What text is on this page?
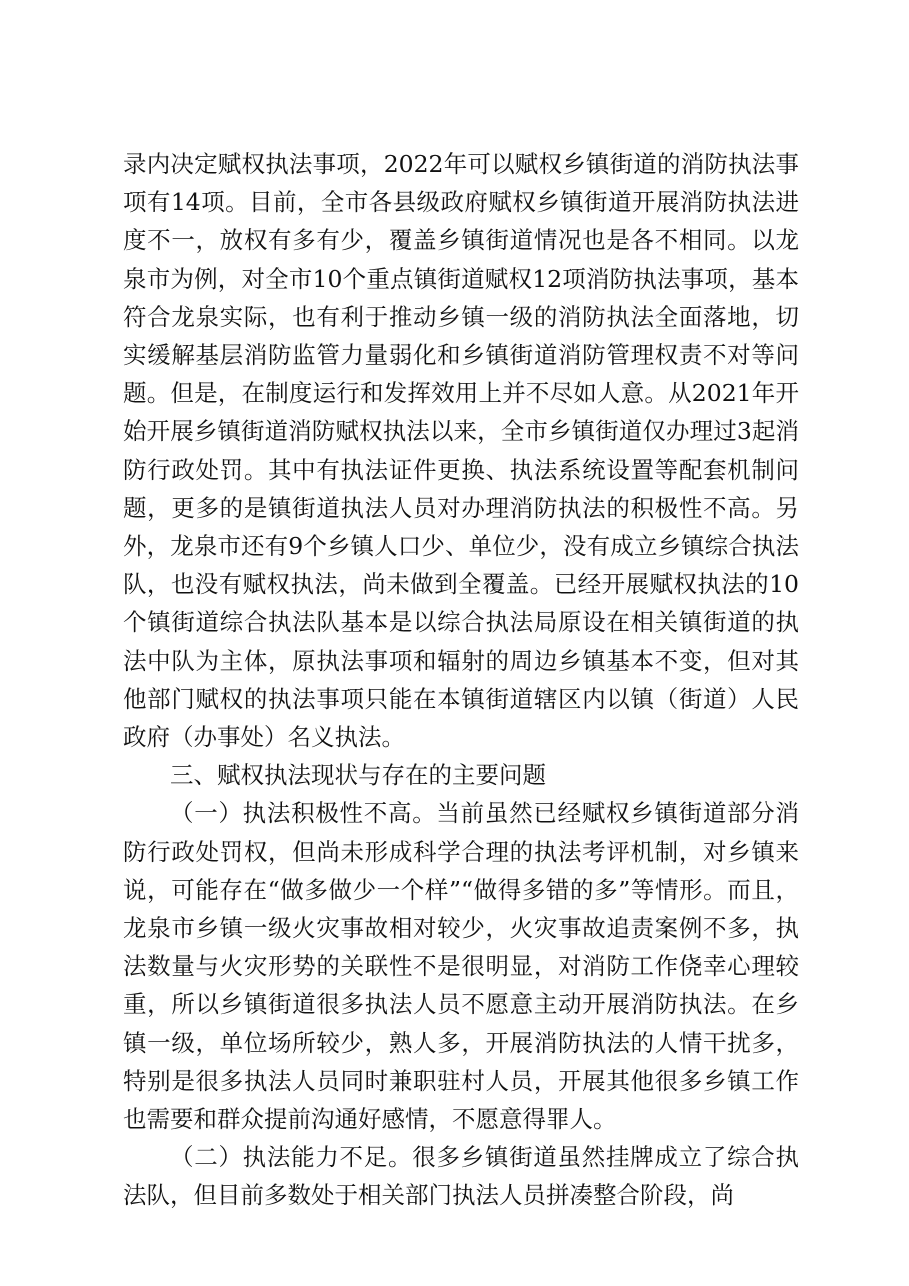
录内决定赋权执法事项，2022年可以赋权乡镇街道的消防执法事项有14项。目前，全市各县级政府赋权乡镇街道开展消防执法进度不一，放权有多有少，覆盖乡镇街道情况也是各不相同。以龙泉市为例，对全市10个重点镇街道赋权12项消防执法事项，基本符合龙泉实际，也有利于推动乡镇一级的消防执法全面落地，切实缓解基层消防监管力量弱化和乡镇街道消防管理权责不对等问题。但是，在制度运行和发挥效用上并不尽如人意。从2021年开始开展乡镇街道消防赋权执法以来，全市乡镇街道仅办理过3起消防行政处罚。其中有执法证件更换、执法系统设置等配套机制问题，更多的是镇街道执法人员对办理消防执法的积极性不高。另外，龙泉市还有9个乡镇人口少、单位少，没有成立乡镇综合执法队，也没有赋权执法，尚未做到全覆盖。已经开展赋权执法的10个镇街道综合执法队基本是以综合执法局原设在相关镇街道的执法中队为主体，原执法事项和辐射的周边乡镇基本不变，但对其他部门赋权的执法事项只能在本镇街道辖区内以镇（街道）人民政府（办事处）名义执法。

三、赋权执法现状与存在的主要问题

（一）执法积极性不高。当前虽然已经赋权乡镇街道部分消防行政处罚权，但尚未形成科学合理的执法考评机制，对乡镇来说，可能存在“做多做少一个样”“做得多错的多”等情形。而且，龙泉市乡镇一级火灾事故相对较少，火灾事故追责案例不多，执法数量与火灾形势的关联性不是很明显，对消防工作侥幸心理较重，所以乡镇街道很多执法人员不愿意主动开展消防执法。在乡镇一级，单位场所较少，熟人多，开展消防执法的人情干扰多，特别是很多执法人员同时兼职驻村人员，开展其他很多乡镇工作也需要和群众提前沟通好感情，不愿意得罪人。

（二）执法能力不足。很多乡镇街道虽然挂牌成立了综合执法队，但目前多数处于相关部门执法人员拼凑整合阶段，尚
